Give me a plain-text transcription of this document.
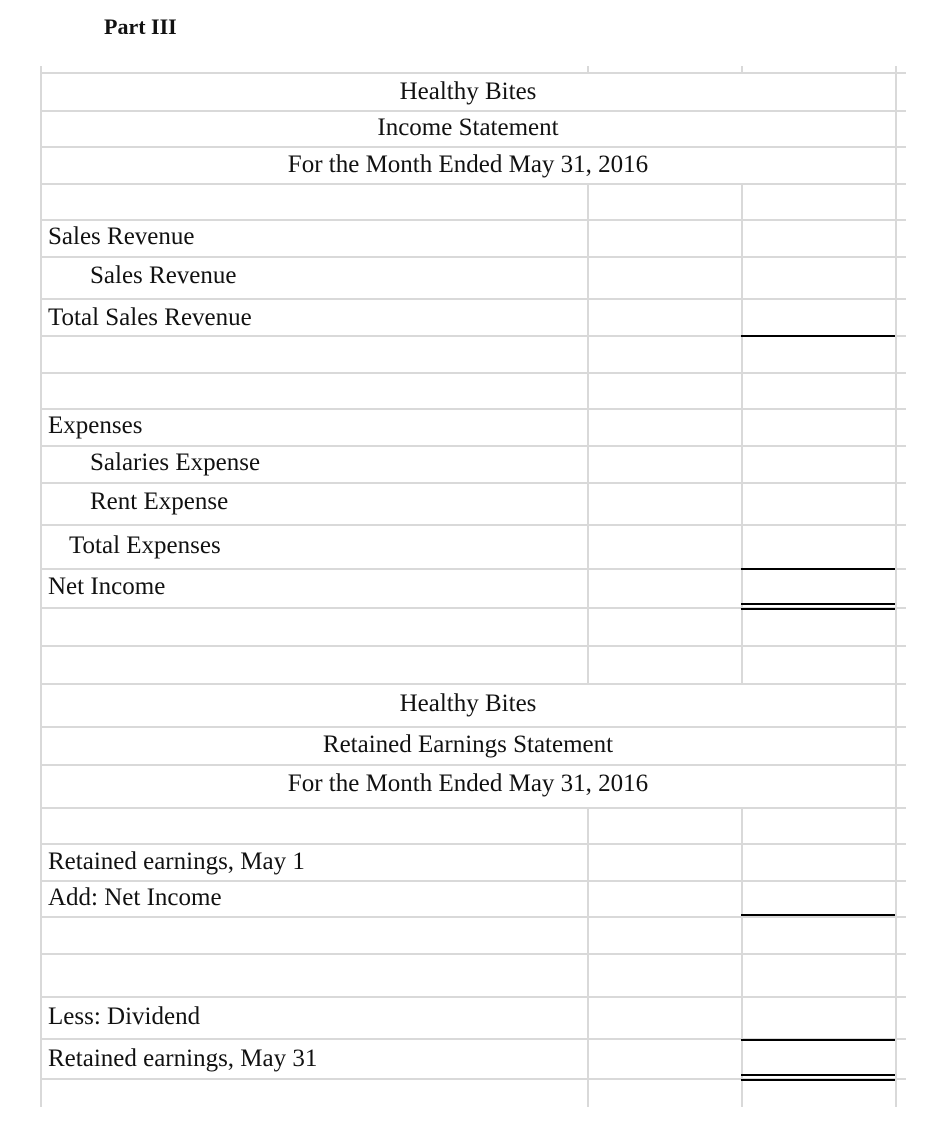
Part III
Healthy Bites
Income Statement
For the Month Ended May 31, 2016
Sales Revenue
Sales Revenue
Total Sales Revenue
Expenses
Salaries Expense
Rent Expense
Total Expenses
Net Income
Healthy Bites
Retained Earnings Statement
For the Month Ended May 31, 2016
Retained earnings, May 1
Add: Net Income
Less: Dividend
Retained earnings, May 31
